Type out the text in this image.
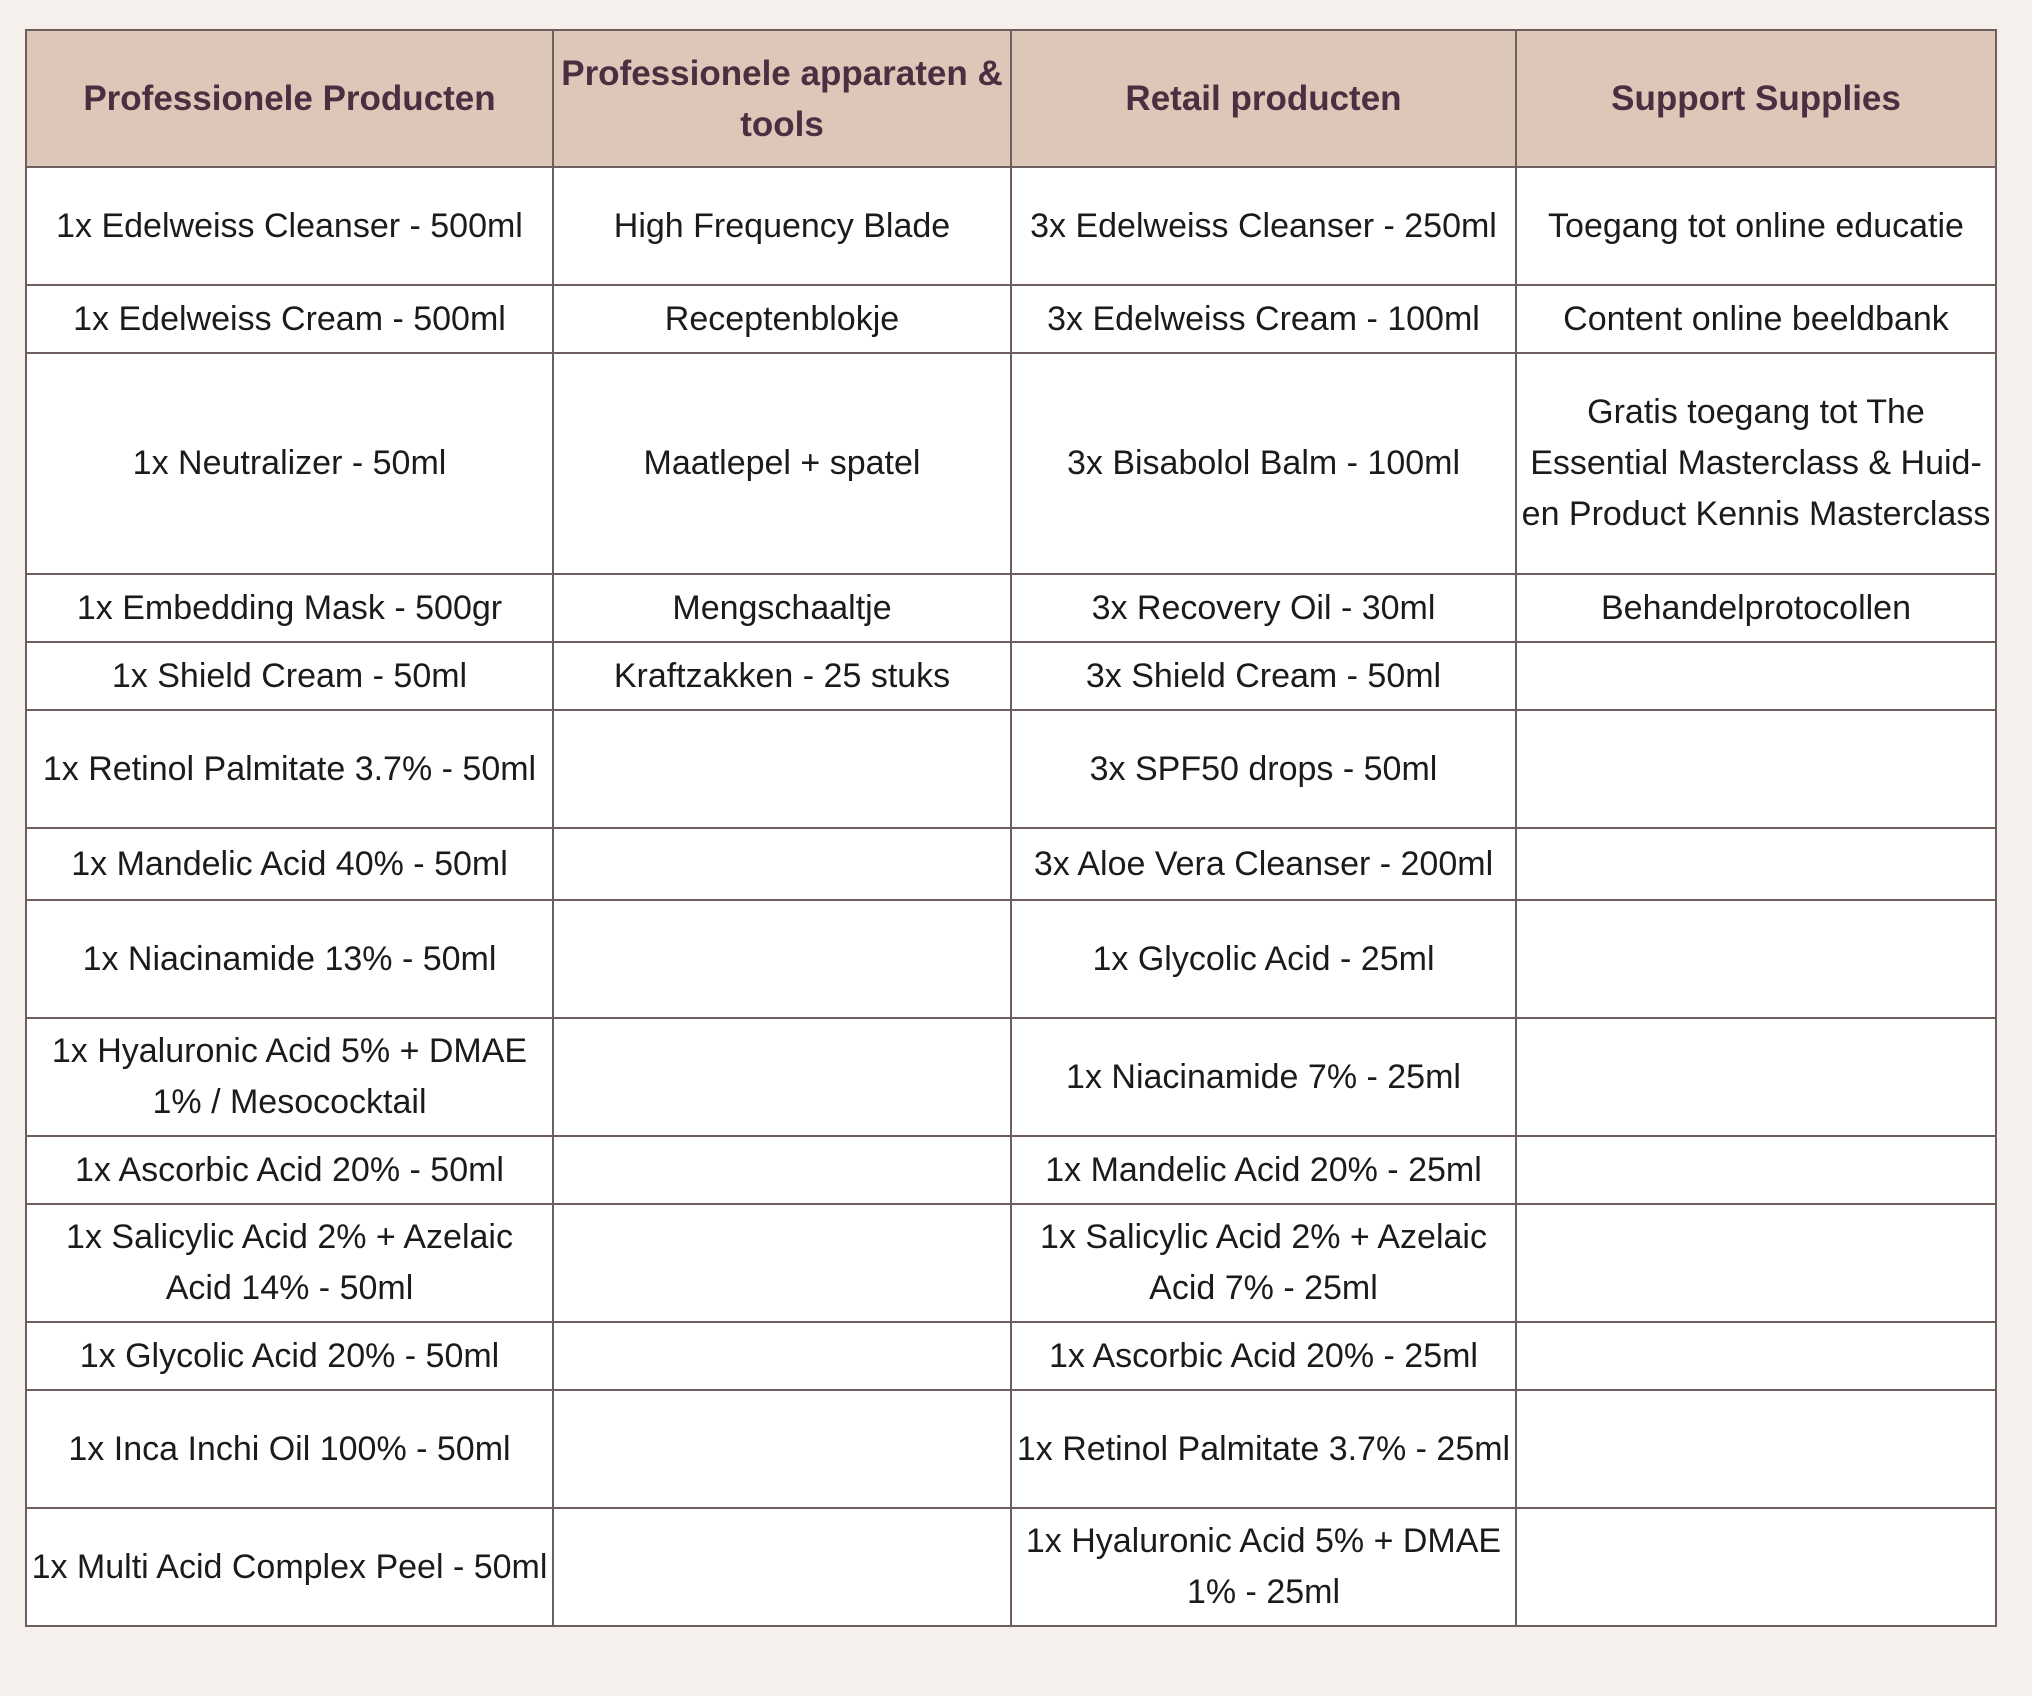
Professionele Producten	Professionele apparaten & tools	Retail producten	Support Supplies
1x Edelweiss Cleanser - 500ml	High Frequency Blade	3x Edelweiss Cleanser - 250ml	Toegang tot online educatie
1x Edelweiss Cream - 500ml	Receptenblokje	3x Edelweiss Cream - 100ml	Content online beeldbank
1x Neutralizer - 50ml	Maatlepel + spatel	3x Bisabolol Balm - 100ml	Gratis toegang tot The Essential Masterclass & Huid- en Product Kennis Masterclass
1x Embedding Mask - 500gr	Mengschaaltje	3x Recovery Oil - 30ml	Behandelprotocollen
1x Shield Cream - 50ml	Kraftzakken - 25 stuks	3x Shield Cream - 50ml	
1x Retinol Palmitate 3.7% - 50ml		3x SPF50 drops - 50ml	
1x Mandelic Acid 40% - 50ml		3x Aloe Vera Cleanser - 200ml	
1x Niacinamide 13% - 50ml		1x Glycolic Acid - 25ml	
1x Hyaluronic Acid 5% + DMAE 1% / Mesococktail		1x Niacinamide 7% - 25ml	
1x Ascorbic Acid 20% - 50ml		1x Mandelic Acid 20% - 25ml	
1x Salicylic Acid 2% + Azelaic Acid 14% - 50ml		1x Salicylic Acid 2% + Azelaic Acid 7% - 25ml	
1x Glycolic Acid 20% - 50ml		1x Ascorbic Acid 20% - 25ml	
1x Inca Inchi Oil 100% - 50ml		1x Retinol Palmitate 3.7% - 25ml	
1x Multi Acid Complex Peel - 50ml		1x Hyaluronic Acid 5% + DMAE 1% - 25ml	
